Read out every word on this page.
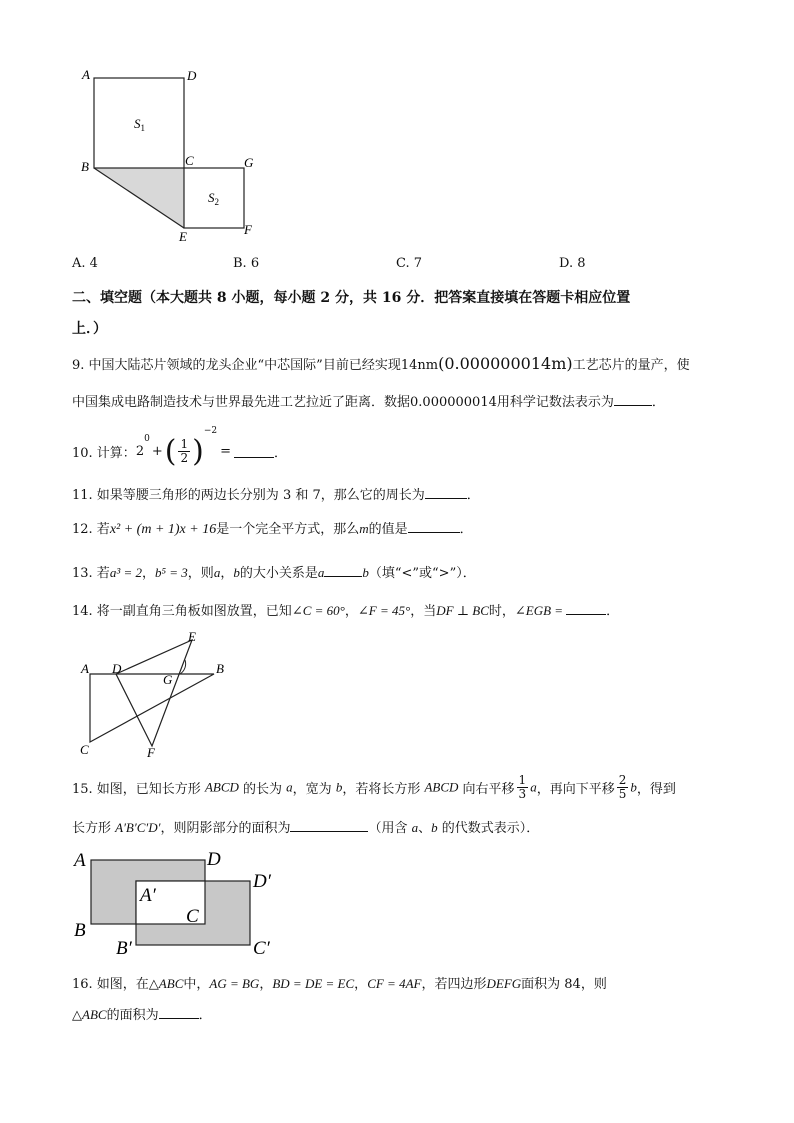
A	D
B	C	G
E	F
$S_1$
$S_2$
A. 4	B. 6	C. 7	D. 8
二、填空题（本大题共 8 小题，每小题 2 分，共 16 分．把答案直接填在答题卡相应位置
上．）
9. 中国大陆芯片领域的龙头企业“中芯国际”目前已经实现14nm(0.000000014m)工艺芯片的量产，使
中国集成电路制造技术与世界最先进工艺拉近了距离．数据0.000000014用科学记数法表示为	．
10. 计算：$2^0+( \frac{1}{2} )^{-2}=$	．
11. 如果等腰三角形的两边长分别为 3 和 7，那么它的周长为	．
12. 若x² + (m + 1)x + 16是一个完全平方式，那么m的值是	．
13. 若a³ = 2，b⁵ = 3，则a，b的大小关系是a	b（填“<”或“>”）．
14. 将一副直角三角板如图放置，已知∠C = 60°，∠F = 45°，当DF ⊥ BC时，∠EGB =	．
A D
E
B
G
C	F
15. 如图，已知长方形 ABCD 的长为 a，宽为 b，若将长方形 ABCD 向右平移 $\frac{1}{3}$ a，再向下平移 $\frac{2}{5}$ b，得到
长方形 A′B′C′D′，则阴影部分的面积为	（用含 a、b 的代数式表示）．
A	D
A′
D′
C
B
B′	C′
16. 如图，在△ABC中，AG = BG，BD = DE = EC，CF = 4AF，若四边形DEFG面积为 84，则
△ABC的面积为	．
